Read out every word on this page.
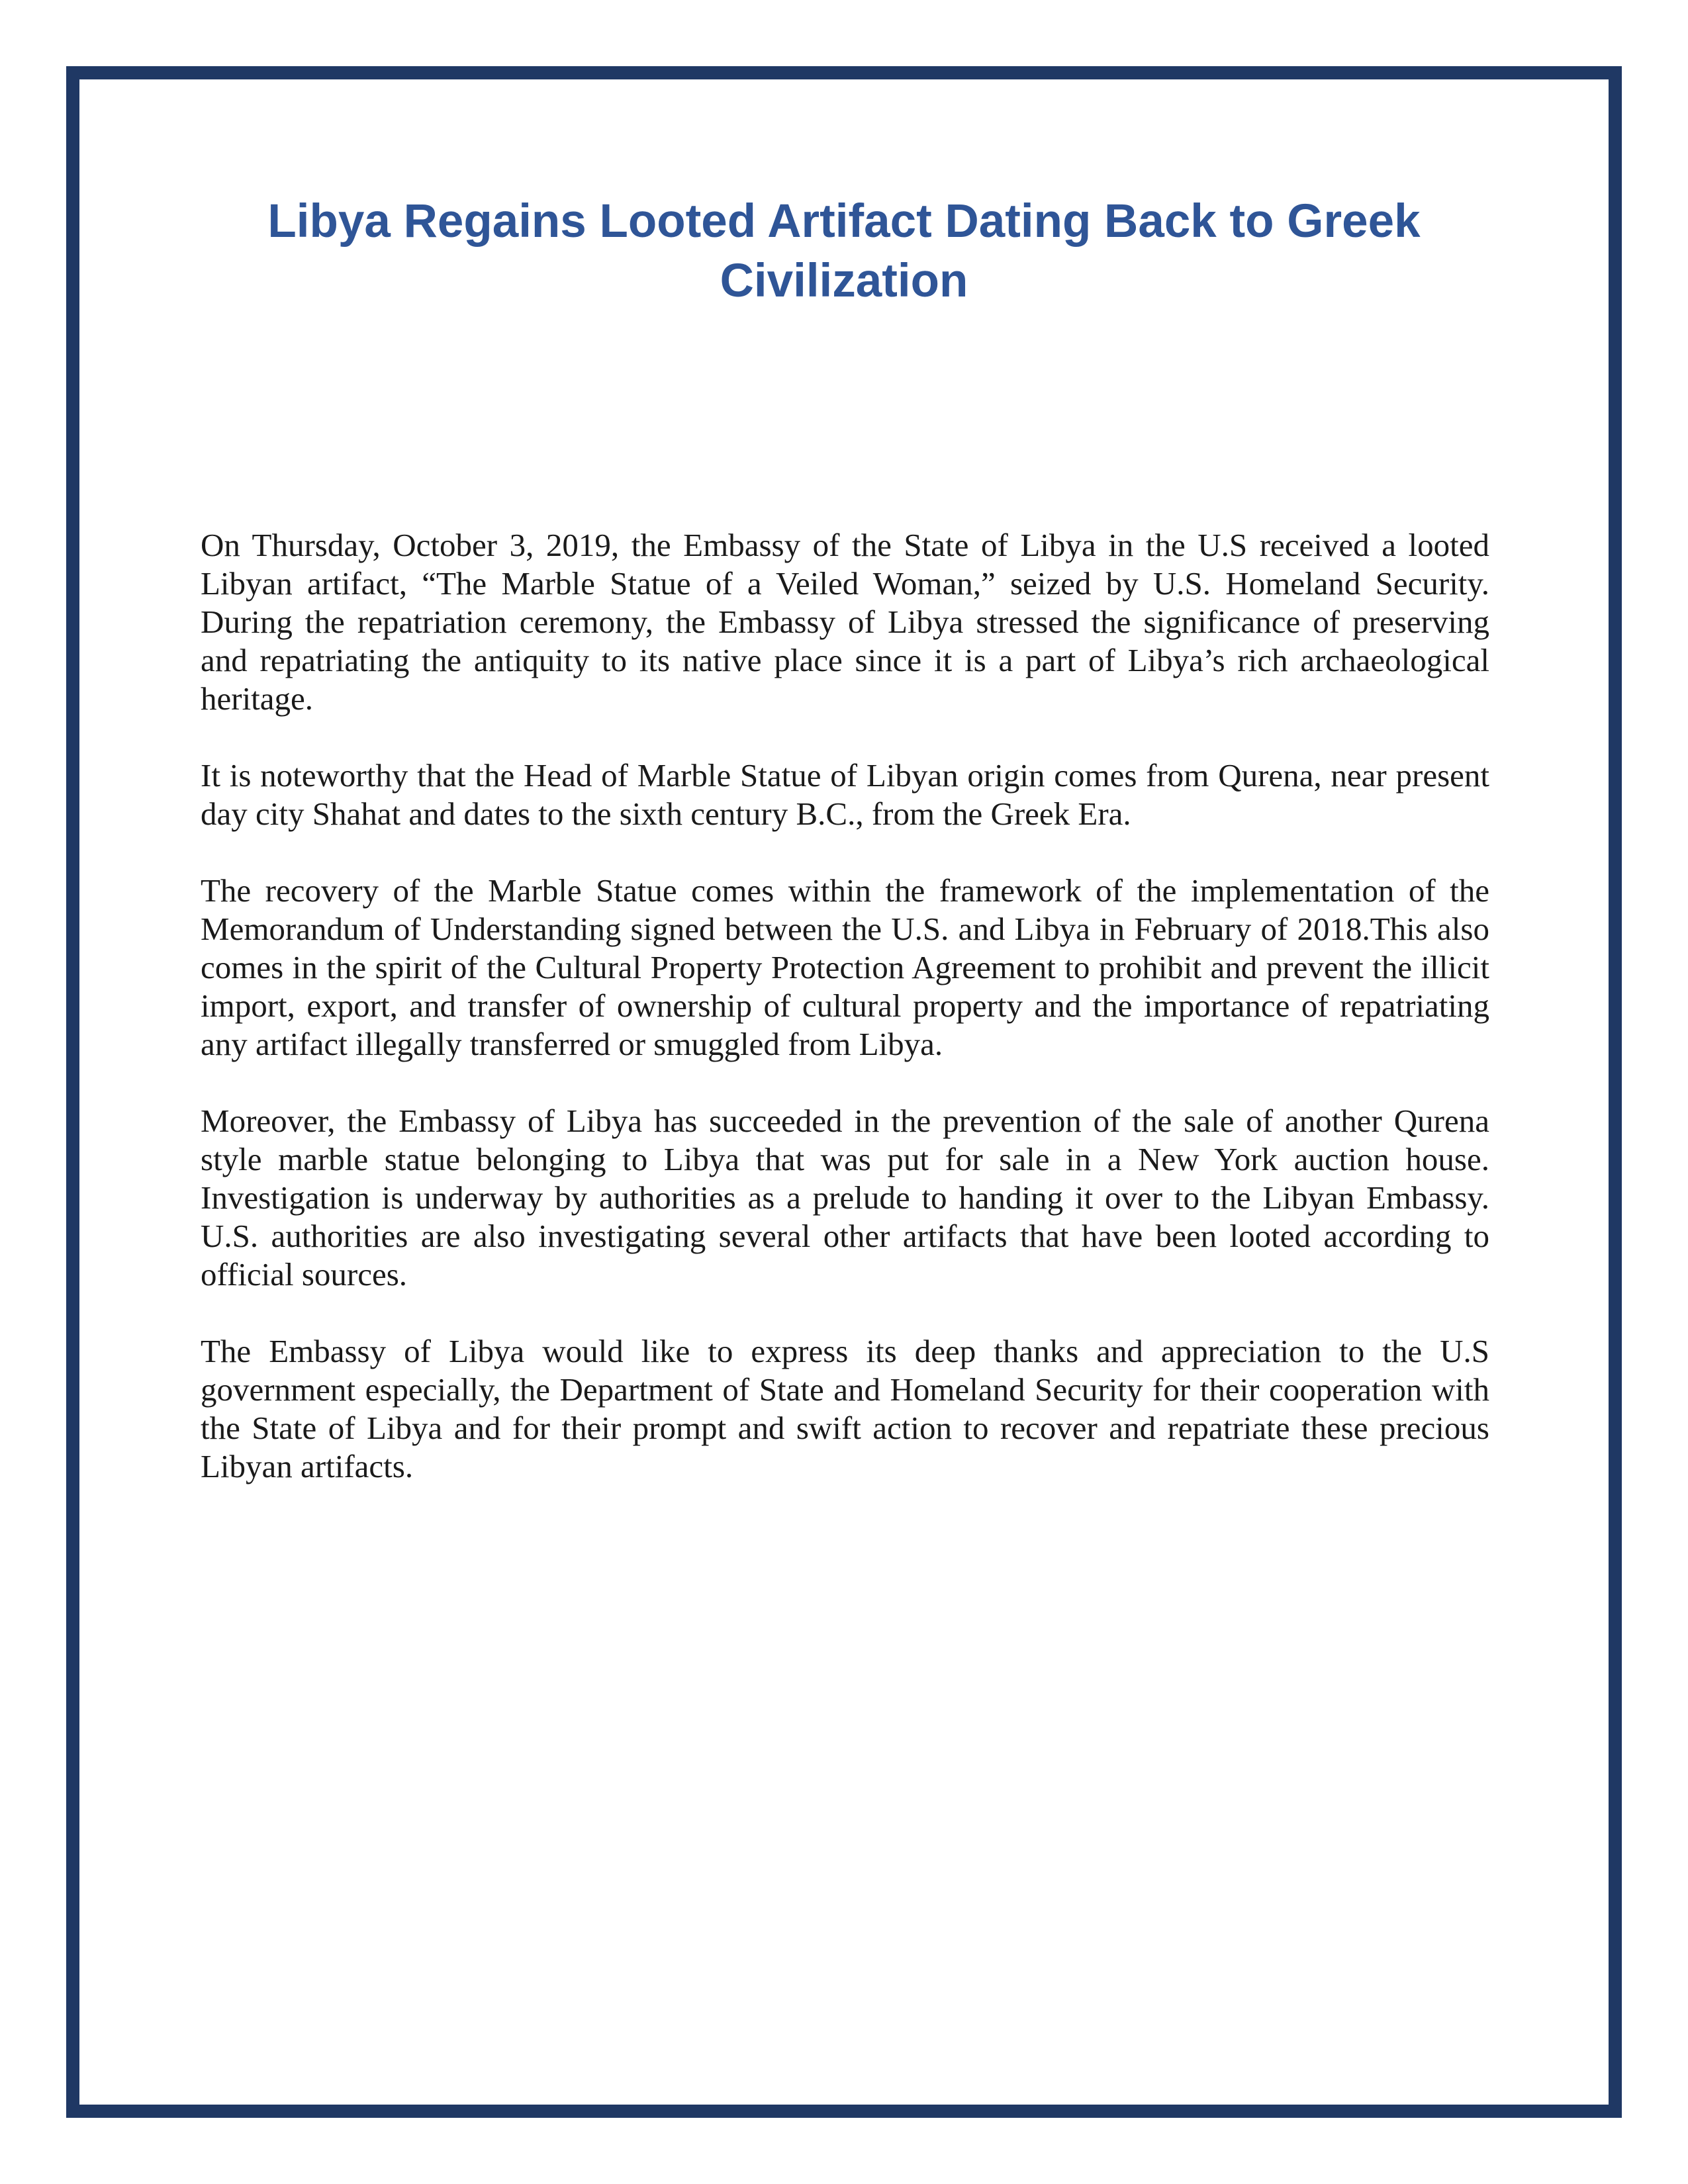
Libya Regains Looted Artifact Dating Back to Greek Civilization

On Thursday, October 3, 2019, the Embassy of the State of Libya in the U.S received a looted Libyan artifact, “The Marble Statue of a Veiled Woman,” seized by U.S. Homeland Security. During the repatriation ceremony, the Embassy of Libya stressed the significance of preserving and repatriating the antiquity to its native place since it is a part of Libya’s rich archaeological heritage.

It is noteworthy that the Head of Marble Statue of Libyan origin comes from Qurena, near present day city Shahat and dates to the sixth century B.C., from the Greek Era.

The recovery of the Marble Statue comes within the framework of the implementation of the Memorandum of Understanding signed between the U.S. and Libya in February of 2018.This also comes in the spirit of the Cultural Property Protection Agreement to prohibit and prevent the illicit import, export, and transfer of ownership of cultural property and the importance of repatriating any artifact illegally transferred or smuggled from Libya.

Moreover, the Embassy of Libya has succeeded in the prevention of the sale of another Qurena style marble statue belonging to Libya that was put for sale in a New York auction house. Investigation is underway by authorities as a prelude to handing it over to the Libyan Embassy. U.S. authorities are also investigating several other artifacts that have been looted according to official sources.

The Embassy of Libya would like to express its deep thanks and appreciation to the U.S government especially, the Department of State and Homeland Security for their cooperation with the State of Libya and for their prompt and swift action to recover and repatriate these precious Libyan artifacts.
